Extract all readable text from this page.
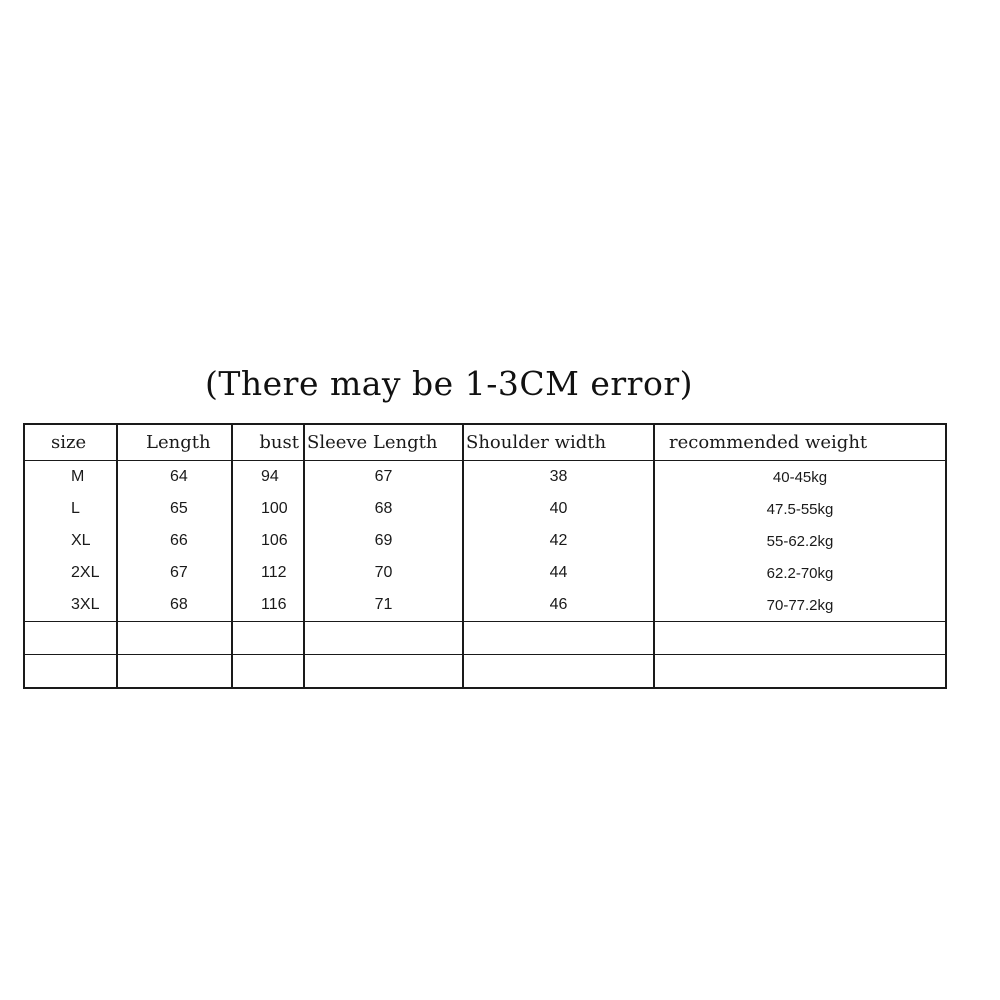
(There may be 1-3CM error)
size	Length	bust	Sleeve Length	Shoulder width	recommended weight
M	64	94	67	38	40-45kg
L	65	100	68	40	47.5-55kg
XL	66	106	69	42	55-62.2kg
2XL	67	112	70	44	62.2-70kg
3XL	68	116	71	46	70-77.2kg
